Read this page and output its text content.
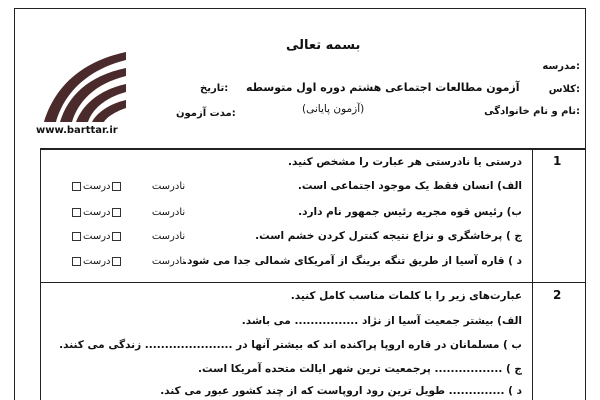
بسمه تعالی
مدرسه:
کلاس:
نام و نام خانوادگی:
آزمون مطالعات اجتماعی هشتم دوره اول متوسطه
(آزمون پایانی)
تاریخ:
مدت آزمون:
www.barttar.ir
1
درستی یا نادرستی هر عبارت را مشخص کنید.
الف) انسان فقط یک موجود اجتماعی است.
ب) رئیس قوه مجریه رئیس جمهور نام دارد.
ج ) پرخاشگری و نزاع نتیجه کنترل کردن خشم است.
د ) قاره آسیا از طریق تنگه برینگ از آمریکای شمالی جدا می شود.
نادرست  درست
نادرست  درست
نادرست  درست
نادرست  درست
2
عبارت‌های زیر را با کلمات مناسب کامل کنید.
الف) بیشتر جمعیت آسیا از نژاد ................ می باشد.
ب ) مسلمانان در قاره اروپا پراکنده اند که بیشتر آنها در ...................... زندگی می کنند.
ج ) ................. پرجمعیت ترین شهر ایالت متحده آمریکا است.
د ) .............. طویل ترین رود اروپاست که از چند کشور عبور می کند.
